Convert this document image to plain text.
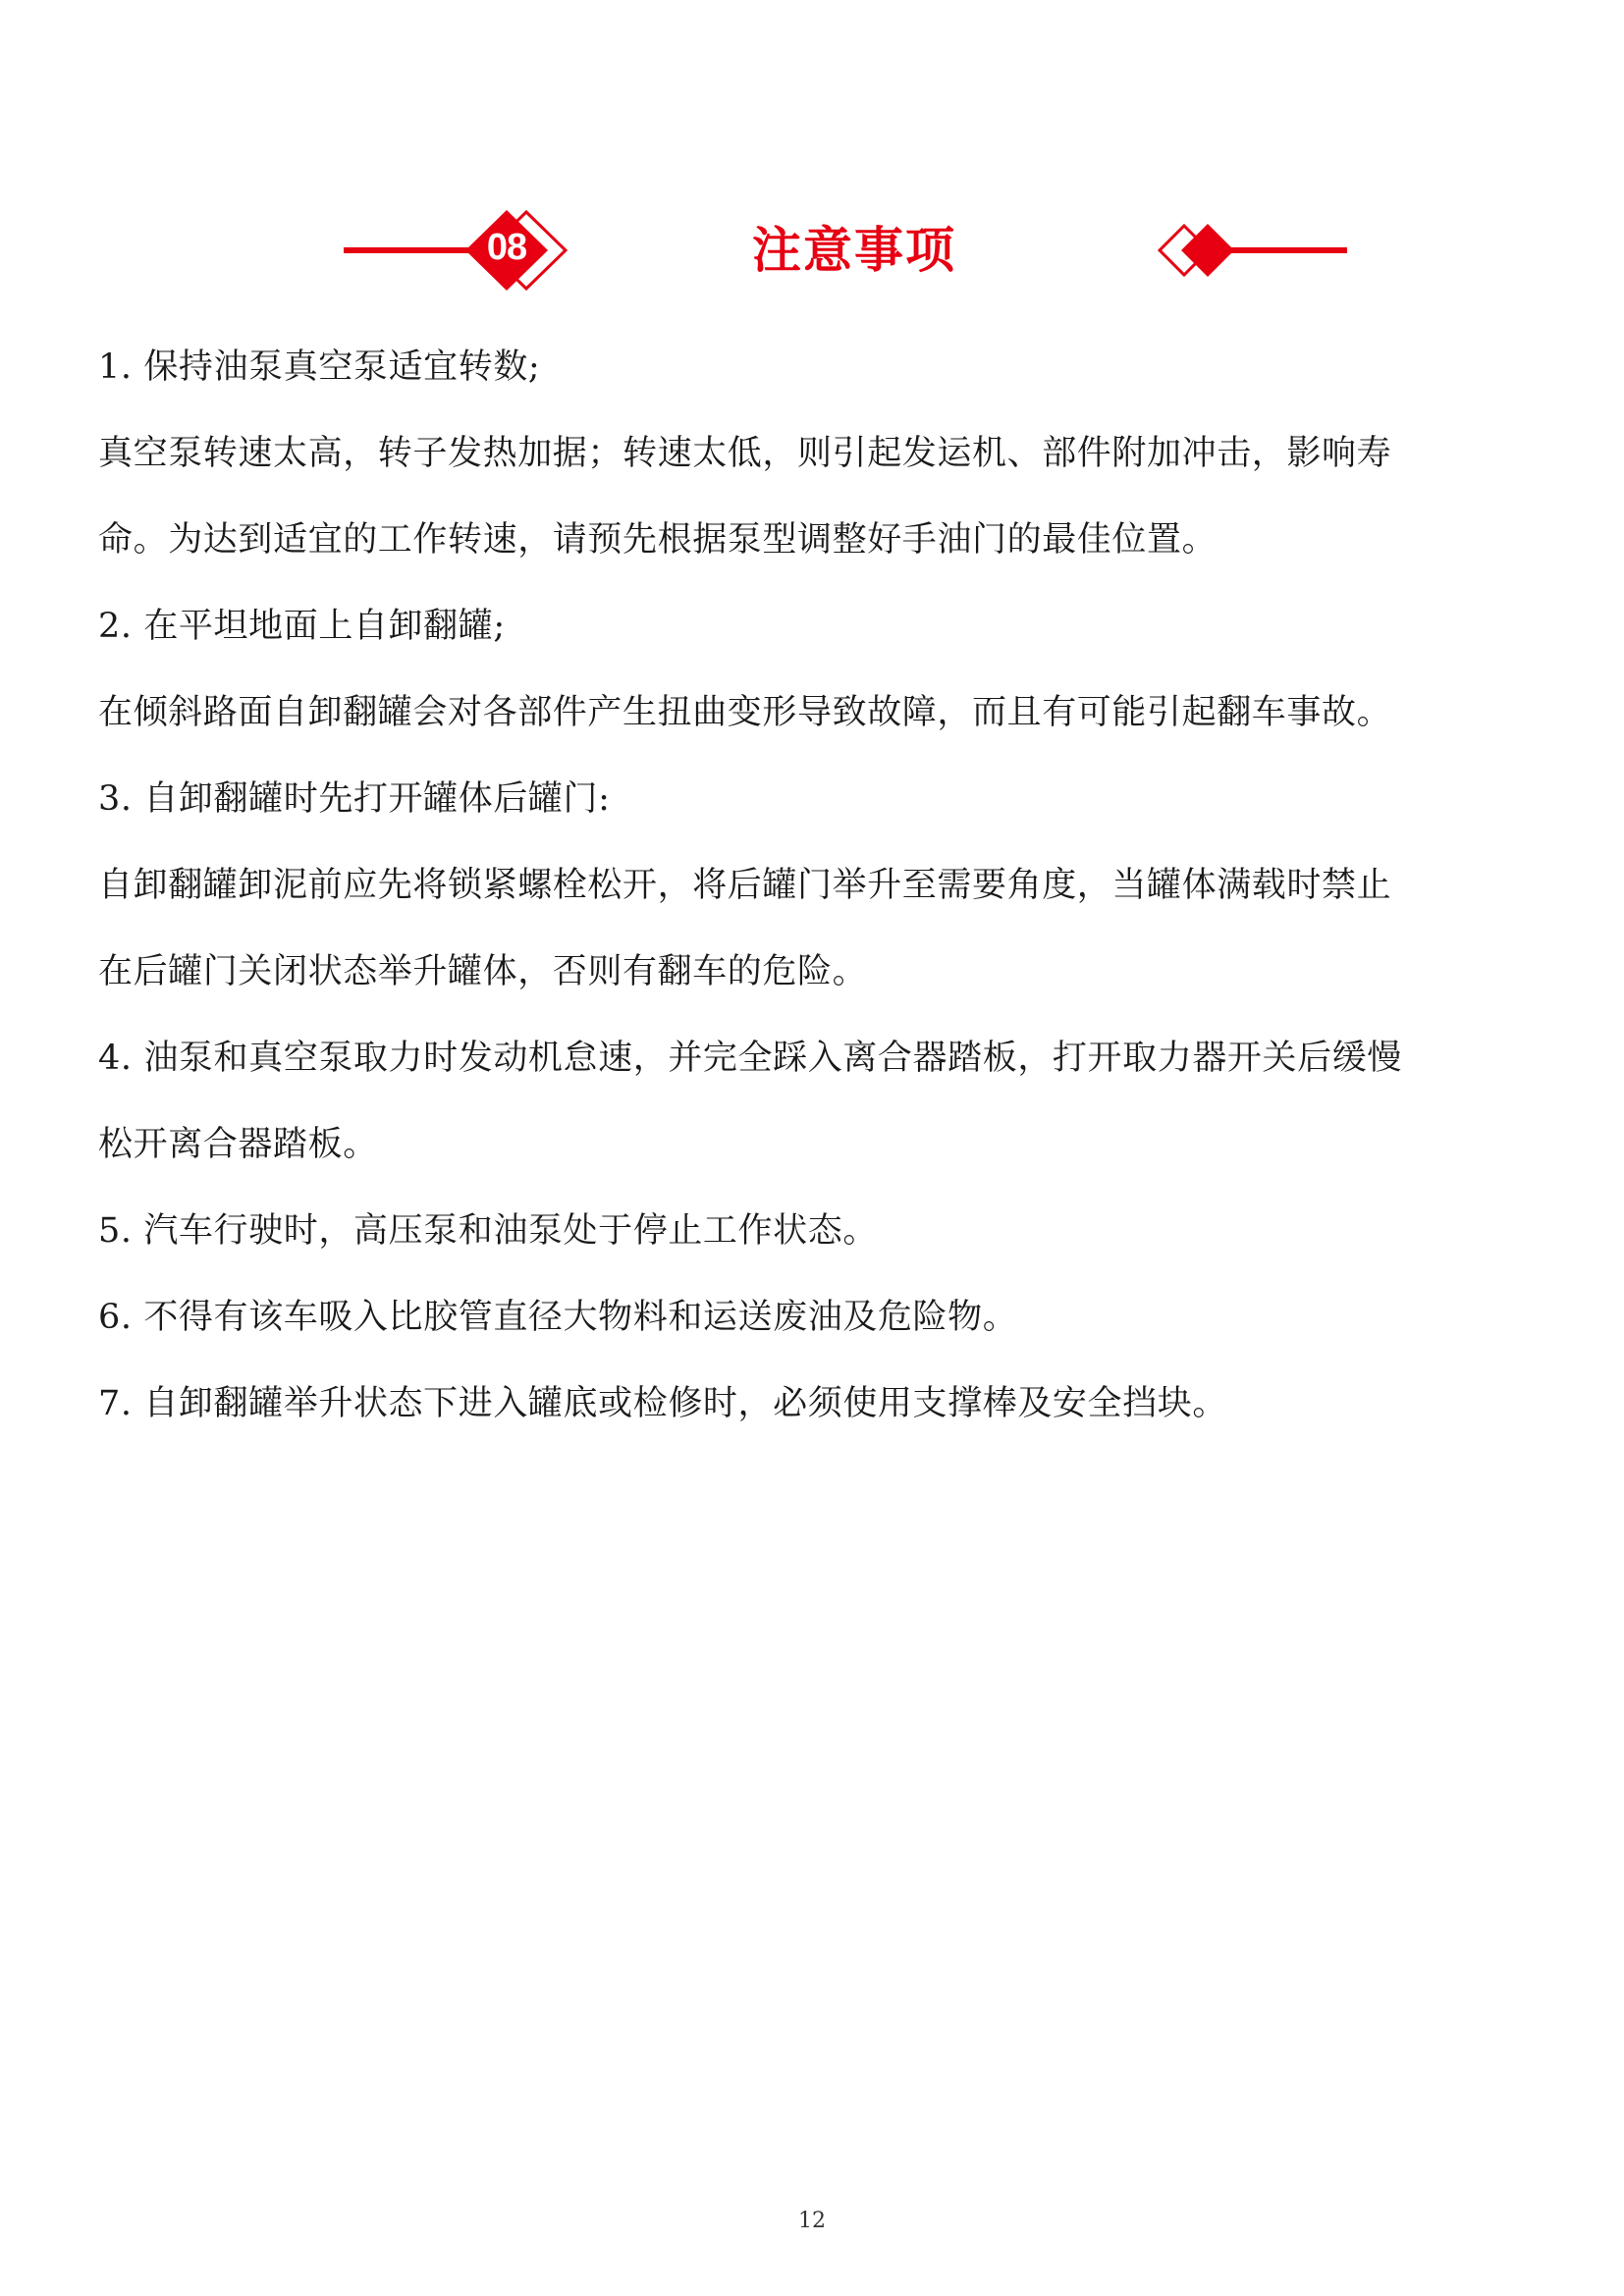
08	注意事项
1. 保持油泵真空泵适宜转数;
真空泵转速太高，转子发热加据；转速太低，则引起发运机、部件附加冲击，影响寿
命。为达到适宜的工作转速，请预先根据泵型调整好手油门的最佳位置。
2. 在平坦地面上自卸翻罐;
在倾斜路面自卸翻罐会对各部件产生扭曲变形导致故障，而且有可能引起翻车事故。
3. 自卸翻罐时先打开罐体后罐门:
自卸翻罐卸泥前应先将锁紧螺栓松开，将后罐门举升至需要角度，当罐体满载时禁止
在后罐门关闭状态举升罐体，否则有翻车的危险。
4. 油泵和真空泵取力时发动机怠速，并完全踩入离合器踏板，打开取力器开关后缓慢
松开离合器踏板。
5. 汽车行驶时，高压泵和油泵处于停止工作状态。
6. 不得有该车吸入比胶管直径大物料和运送废油及危险物。
7. 自卸翻罐举升状态下进入罐底或检修时，必须使用支撑棒及安全挡块。
12
